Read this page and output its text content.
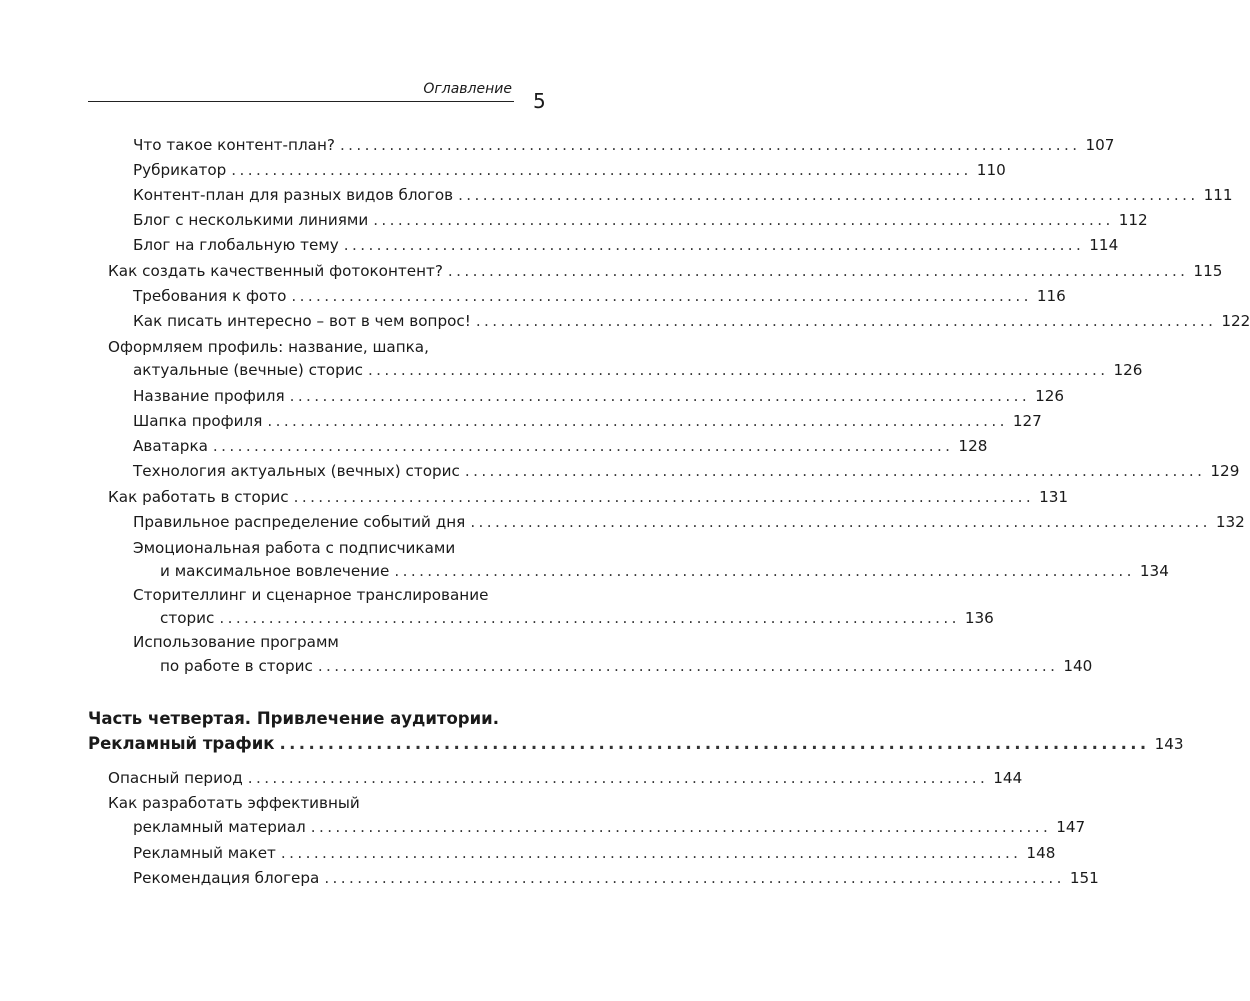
Оглавление 5
Что такое контент-план? .......................................................................................... 107
Рубрикатор .......................................................................................... 110
Контент-план для разных видов блогов .......................................................................................... 111
Блог с несколькими линиями .......................................................................................... 112
Блог на глобальную тему .......................................................................................... 114
Как создать качественный фотоконтент? .......................................................................................... 115
Требования к фото .......................................................................................... 116
Как писать интересно – вот в чем вопрос! .......................................................................................... 122
Оформляем профиль: название, шапка,
актуальные (вечные) сторис .......................................................................................... 126
Название профиля .......................................................................................... 126
Шапка профиля .......................................................................................... 127
Аватарка .......................................................................................... 128
Технология актуальных (вечных) сторис .......................................................................................... 129
Как работать в сторис .......................................................................................... 131
Правильное распределение событий дня .......................................................................................... 132
Эмоциональная работа с подписчиками
и максимальное вовлечение .......................................................................................... 134
Сторителлинг и сценарное транслирование
сторис .......................................................................................... 136
Использование программ
по работе в сторис .......................................................................................... 140
Часть четвертая. Привлечение аудитории.
Рекламный трафик .......................................................................................... 143
Опасный период .......................................................................................... 144
Как разработать эффективный
рекламный материал .......................................................................................... 147
Рекламный макет .......................................................................................... 148
Рекомендация блогера .......................................................................................... 151
